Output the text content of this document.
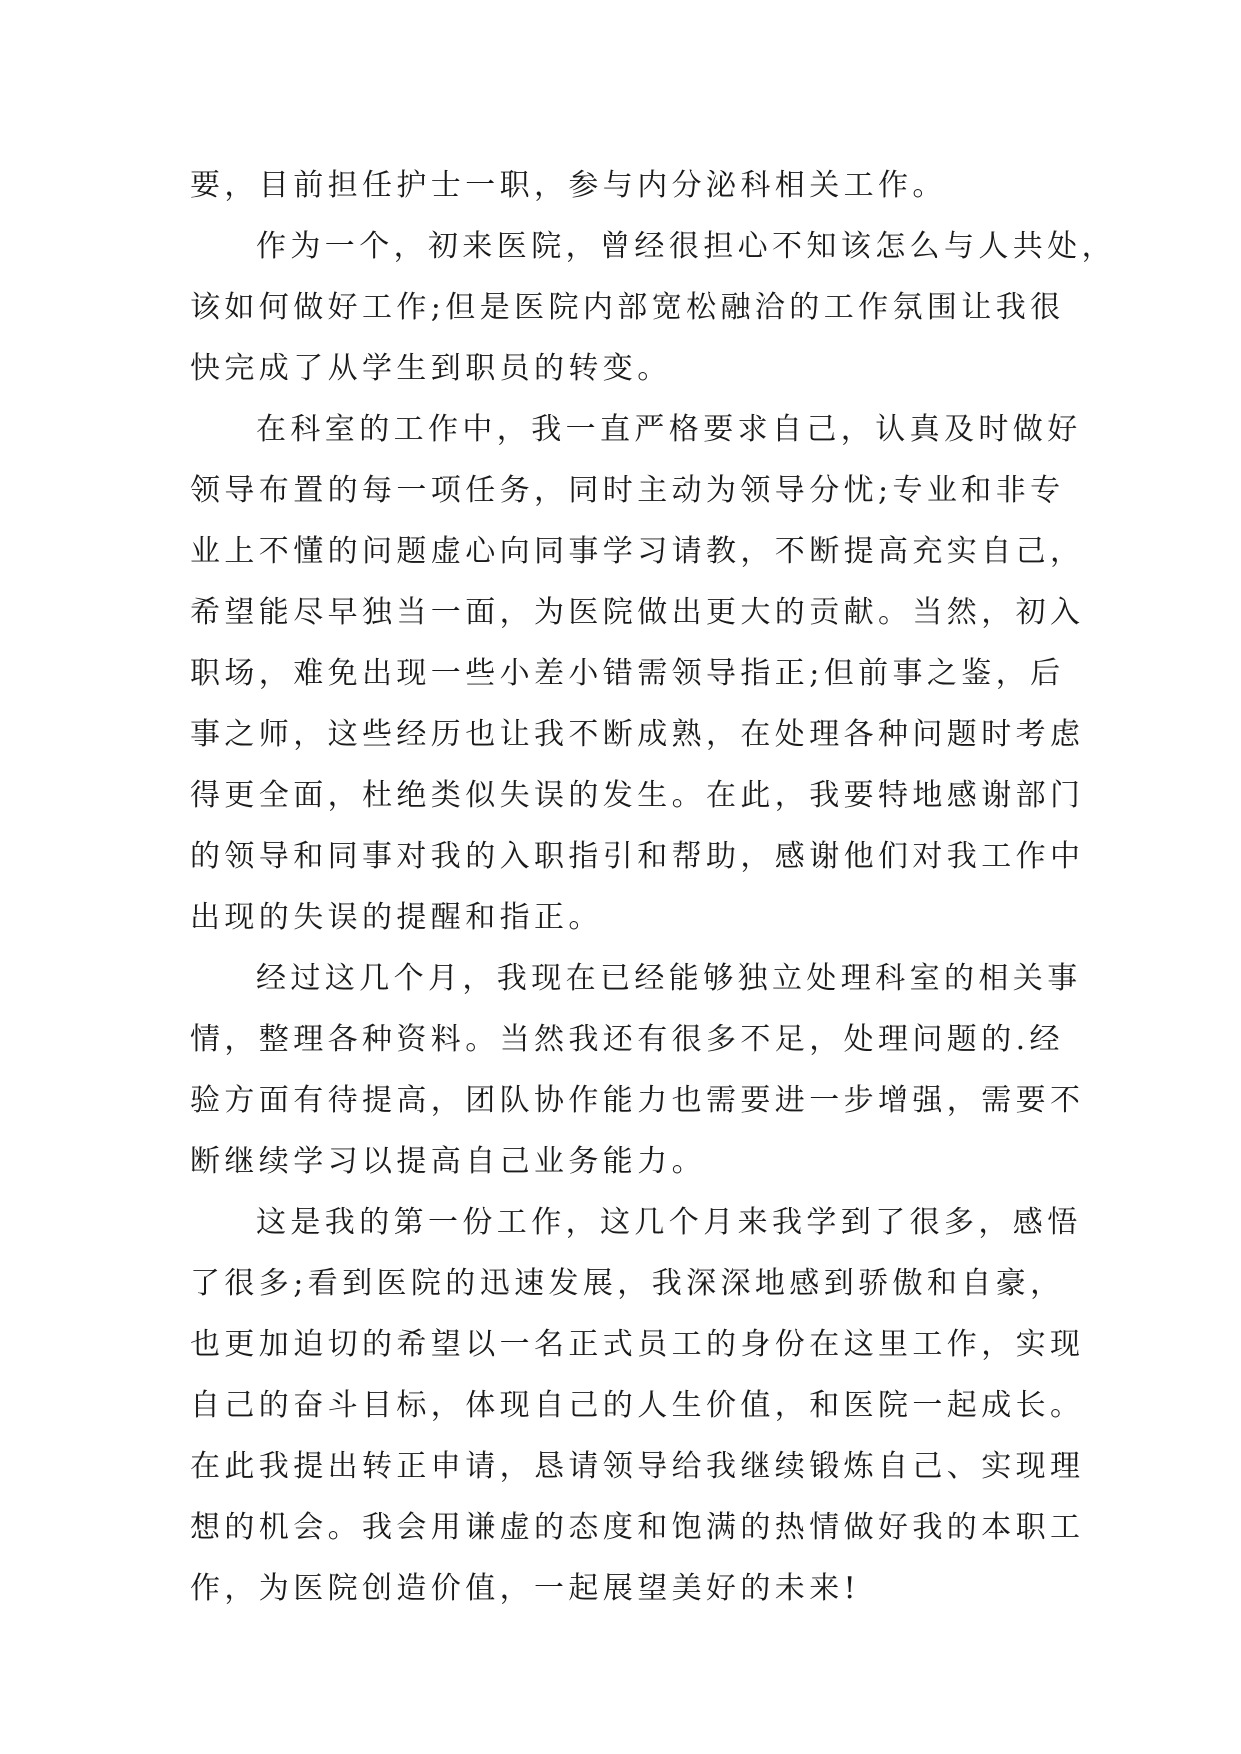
要，目前担任护士一职，参与内分泌科相关工作。
作为一个，初来医院，曾经很担心不知该怎么与人共处，
该如何做好工作;但是医院内部宽松融洽的工作氛围让我很
快完成了从学生到职员的转变。
在科室的工作中，我一直严格要求自己，认真及时做好
领导布置的每一项任务，同时主动为领导分忧;专业和非专
业上不懂的问题虚心向同事学习请教，不断提高充实自己，
希望能尽早独当一面，为医院做出更大的贡献。当然，初入
职场，难免出现一些小差小错需领导指正;但前事之鉴，后
事之师，这些经历也让我不断成熟，在处理各种问题时考虑
得更全面，杜绝类似失误的发生。在此，我要特地感谢部门
的领导和同事对我的入职指引和帮助，感谢他们对我工作中
出现的失误的提醒和指正。
经过这几个月，我现在已经能够独立处理科室的相关事
情，整理各种资料。当然我还有很多不足，处理问题的.经
验方面有待提高，团队协作能力也需要进一步增强，需要不
断继续学习以提高自己业务能力。
这是我的第一份工作，这几个月来我学到了很多，感悟
了很多;看到医院的迅速发展，我深深地感到骄傲和自豪，
也更加迫切的希望以一名正式员工的身份在这里工作，实现
自己的奋斗目标，体现自己的人生价值，和医院一起成长。
在此我提出转正申请，恳请领导给我继续锻炼自己、实现理
想的机会。我会用谦虚的态度和饱满的热情做好我的本职工
作，为医院创造价值，一起展望美好的未来!
